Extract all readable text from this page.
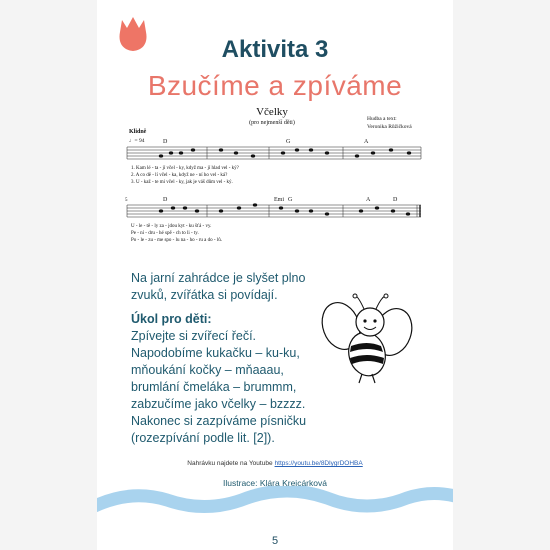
Aktivita 3
Bzučíme a zpíváme
Včelky
(pro nejmenší děti)
Hudba a text:
Veronika Růžičková
Klidně
♩= 94	D	G	A
1. Kam lé - ta - jí včel - ky, když ma - jí hlad vel - ký?
2. A co dě - lí včel - ka, když ne - ní ho vel - ká?
3. U - kaž - te mi včel - ky, jak je váš dům vel - ký.
5	D	Emi G	A	D
U - le - tě - ly za - jdou kyt - ku šťá - vy.
Pe - ní - dru - hé spě - ch to li - ty.
Po - le - zu - me spo - lu na - ho - ru a do - lů.
Na jarní zahrádce je slyšet plno zvuků, zvířátka si povídají.
Úkol pro děti:
Zpívejte si zvířecí řečí.
Napodobíme kukačku – ku-ku,
mňoukání kočky – mňaaau,
brumlání čmeláka – brummm,
zabzučíme jako včelky – bzzzz.
Nakonec si zazpíváme písničku
(rozezpívání podle lit. [2]).
Nahrávku najdete na Youtube https://youtu.be/8DlygrDOHBA
Ilustrace: Klára Krejcárková
5
